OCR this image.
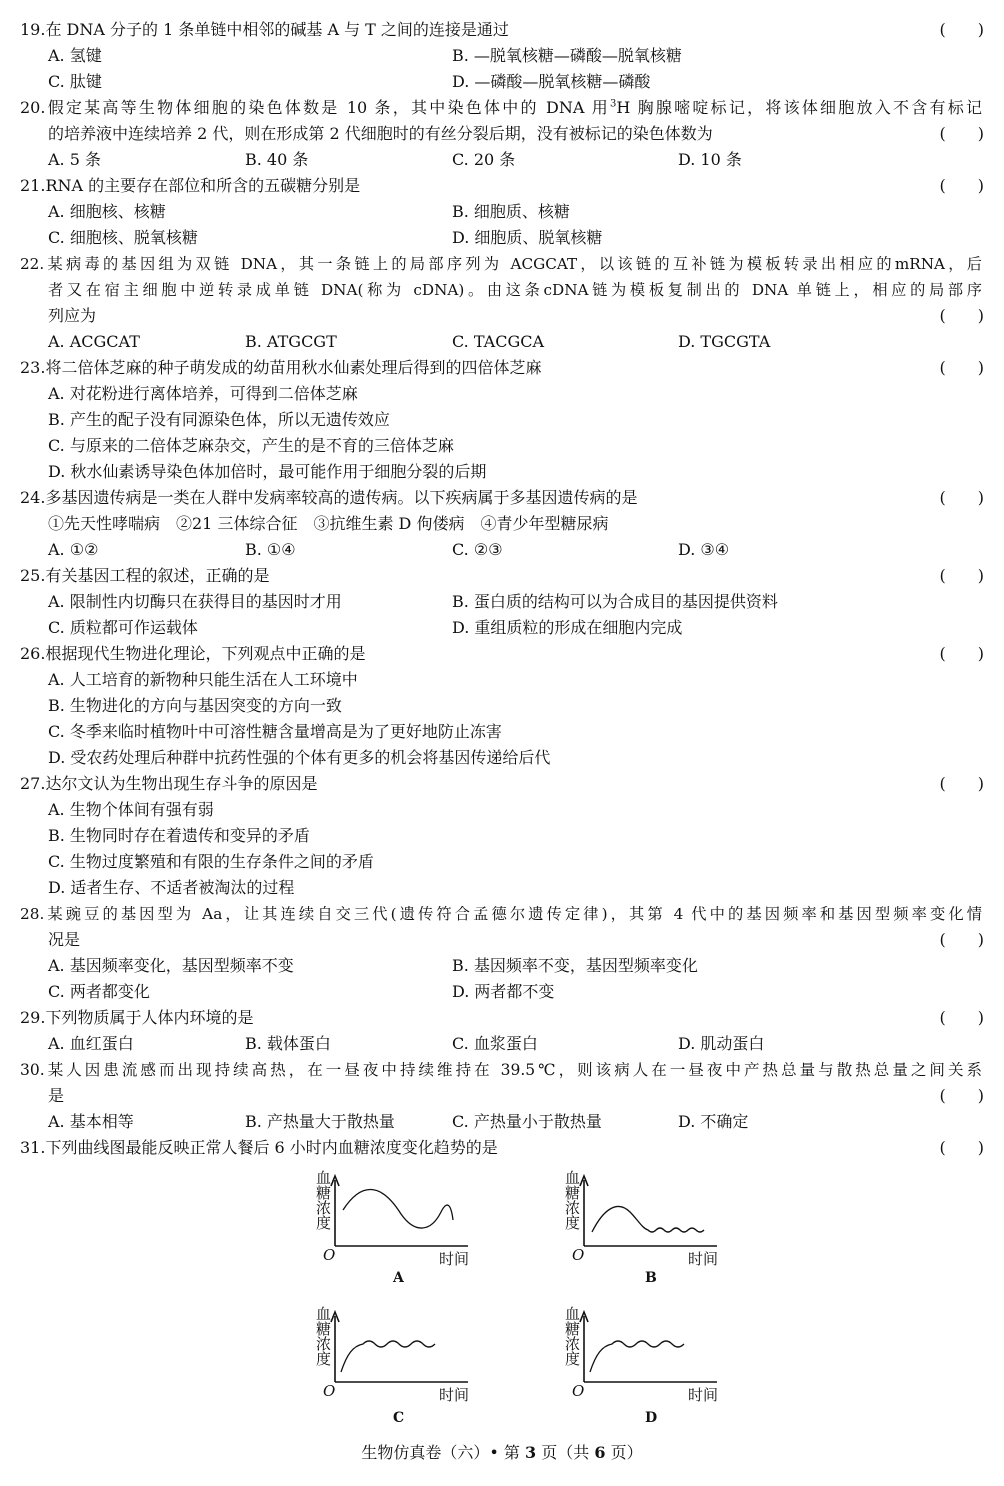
19.在 DNA 分子的 1 条单链中相邻的碱基 A 与 T 之间的连接是通过	(　　)
A. 氢键	B. —脱氧核糖—磷酸—脱氧核糖
C. 肽键	D. —磷酸—脱氧核糖—磷酸
20.假定某高等生物体细胞的染色体数是 10 条，其中染色体中的 DNA 用$^3$H 胸腺嘧啶标记，将该体细胞放入不含有标记
的培养液中连续培养 2 代，则在形成第 2 代细胞时的有丝分裂后期，没有被标记的染色体数为	(　　)
A. 5 条	B. 40 条	C. 20 条	D. 10 条
21.RNA 的主要存在部位和所含的五碳糖分别是	(　　)
A. 细胞核、核糖	B. 细胞质、核糖
C. 细胞核、脱氧核糖	D. 细胞质、脱氧核糖
22.某病毒的基因组为双链 DNA，其一条链上的局部序列为 ACGCAT，以该链的互补链为模板转录出相应的mRNA，后
者又在宿主细胞中逆转录成单链 DNA(称为 cDNA)。由这条cDNA链为模板复制出的 DNA 单链上，相应的局部序
列应为	(　　)
A. ACGCAT	B. ATGCGT	C. TACGCA	D. TGCGTA
23.将二倍体芝麻的种子萌发成的幼苗用秋水仙素处理后得到的四倍体芝麻	(　　)
A. 对花粉进行离体培养，可得到二倍体芝麻
B. 产生的配子没有同源染色体，所以无遗传效应
C. 与原来的二倍体芝麻杂交，产生的是不育的三倍体芝麻
D. 秋水仙素诱导染色体加倍时，最可能作用于细胞分裂的后期
24.多基因遗传病是一类在人群中发病率较高的遗传病。以下疾病属于多基因遗传病的是	(　　)
①先天性哮喘病　②21 三体综合征　③抗维生素 D 佝偻病　④青少年型糖尿病
A. ①②	B. ①④	C. ②③	D. ③④
25.有关基因工程的叙述，正确的是	(　　)
A. 限制性内切酶只在获得目的基因时才用	B. 蛋白质的结构可以为合成目的基因提供资料
C. 质粒都可作运载体	D. 重组质粒的形成在细胞内完成
26.根据现代生物进化理论，下列观点中正确的是	(　　)
A. 人工培育的新物种只能生活在人工环境中
B. 生物进化的方向与基因突变的方向一致
C. 冬季来临时植物叶中可溶性糖含量增高是为了更好地防止冻害
D. 受农药处理后种群中抗药性强的个体有更多的机会将基因传递给后代
27.达尔文认为生物出现生存斗争的原因是	(　　)
A. 生物个体间有强有弱
B. 生物同时存在着遗传和变异的矛盾
C. 生物过度繁殖和有限的生存条件之间的矛盾
D. 适者生存、不适者被淘汰的过程
28.某豌豆的基因型为 Aa，让其连续自交三代(遗传符合孟德尔遗传定律)，其第 4 代中的基因频率和基因型频率变化情
况是	(　　)
A. 基因频率变化，基因型频率不变	B. 基因频率不变，基因型频率变化
C. 两者都变化	D. 两者都不变
29.下列物质属于人体内环境的是	(　　)
A. 血红蛋白	B. 载体蛋白	C. 血浆蛋白	D. 肌动蛋白
30.某人因患流感而出现持续高热，在一昼夜中持续维持在 39.5℃，则该病人在一昼夜中产热总量与散热总量之间关系
是	(　　)
A. 基本相等	B. 产热量大于散热量	C. 产热量小于散热量	D. 不确定
31.下列曲线图最能反映正常人餐后 6 小时内血糖浓度变化趋势的是	(　　)
血糖浓度
O	时间
A
血糖浓度
O	时间
B
血糖浓度
O	时间
C
血糖浓度
O	时间
D
生物仿真卷（六）• 第 3 页（共 6 页）
